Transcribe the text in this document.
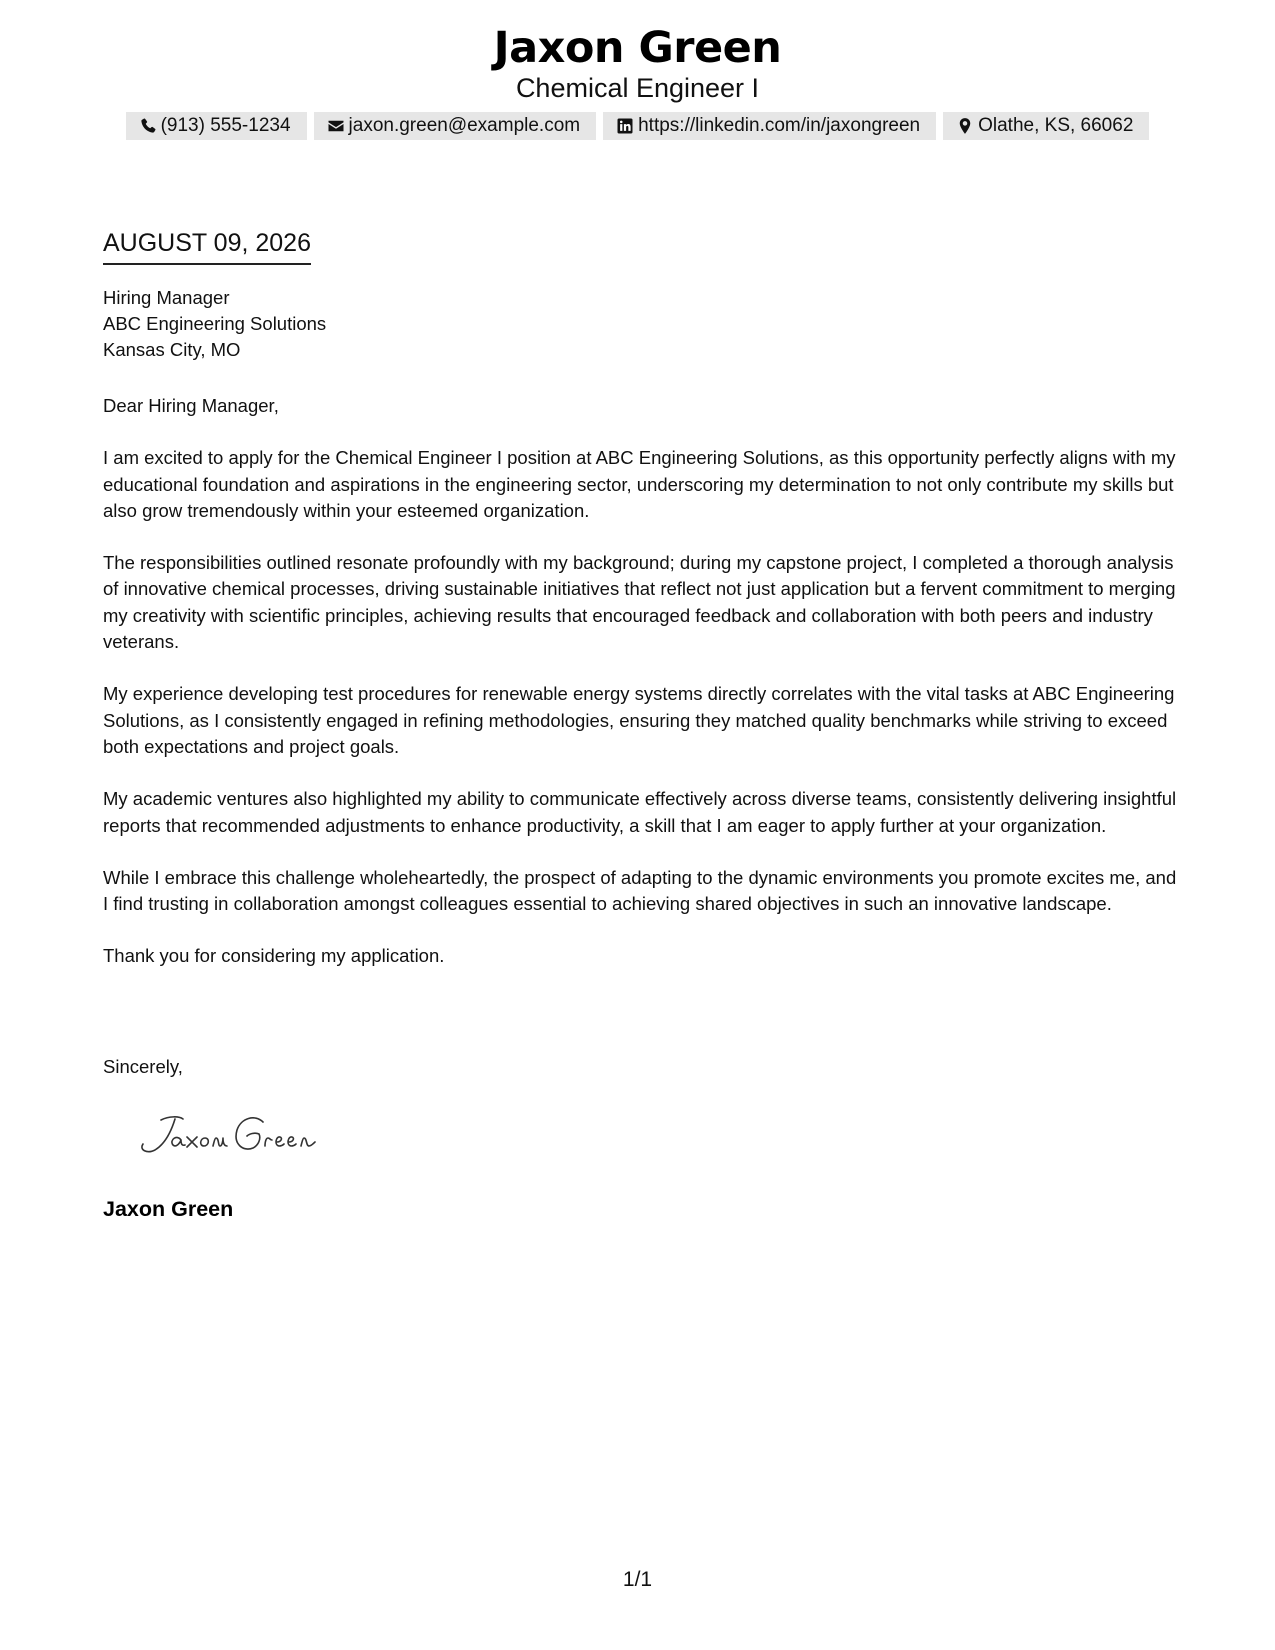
Jaxon Green
Chemical Engineer I
(913) 555-1234	jaxon.green@example.com	https://linkedin.com/in/jaxongreen	Olathe, KS, 66062
AUGUST 09, 2026
Hiring Manager
ABC Engineering Solutions
Kansas City, MO

Dear Hiring Manager,

I am excited to apply for the Chemical Engineer I position at ABC Engineering Solutions, as this opportunity perfectly aligns with my educational foundation and aspirations in the engineering sector, underscoring my determination to not only contribute my skills but also grow tremendously within your esteemed organization.

The responsibilities outlined resonate profoundly with my background; during my capstone project, I completed a thorough analysis of innovative chemical processes, driving sustainable initiatives that reflect not just application but a fervent commitment to merging my creativity with scientific principles, achieving results that encouraged feedback and collaboration with both peers and industry veterans.

My experience developing test procedures for renewable energy systems directly correlates with the vital tasks at ABC Engineering Solutions, as I consistently engaged in refining methodologies, ensuring they matched quality benchmarks while striving to exceed both expectations and project goals.

My academic ventures also highlighted my ability to communicate effectively across diverse teams, consistently delivering insightful reports that recommended adjustments to enhance productivity, a skill that I am eager to apply further at your organization.

While I embrace this challenge wholeheartedly, the prospect of adapting to the dynamic environments you promote excites me, and I find trusting in collaboration amongst colleagues essential to achieving shared objectives in such an innovative landscape.

Thank you for considering my application.

Sincerely,
Jaxon Green
1/1
